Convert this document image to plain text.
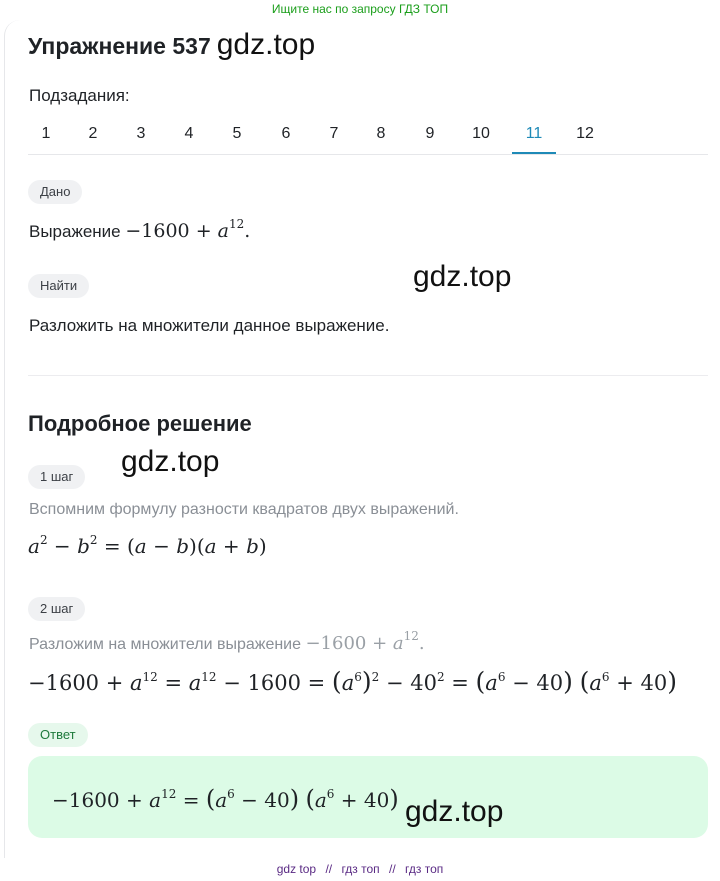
Ищите нас по запросу ГДЗ ТОП
Упражнение 537 gdz.top
Подзадания:
1	2	3	4	5	6	7	8	9	10	11	12
Дано
Выражение $-1600 + a^{12}$.
gdz.top
Найти
Разложить на множители данное выражение.
Подробное решение
gdz.top
1 шаг
Вспомним формулу разности квадратов двух выражений.
$a^2 - b^2 = (a - b)(a + b)$
2 шаг
Разложим на множители выражение $-1600 + a^{12}$.
$-1600 + a^{12} = a^{12} - 1600 = (a^6)^2 - 40^2 = (a^6 - 40) (a^6 + 40)$
Ответ
$-1600 + a^{12} = (a^6 - 40) (a^6 + 40)$ gdz.top
gdz top // гдз топ // гдз топ
